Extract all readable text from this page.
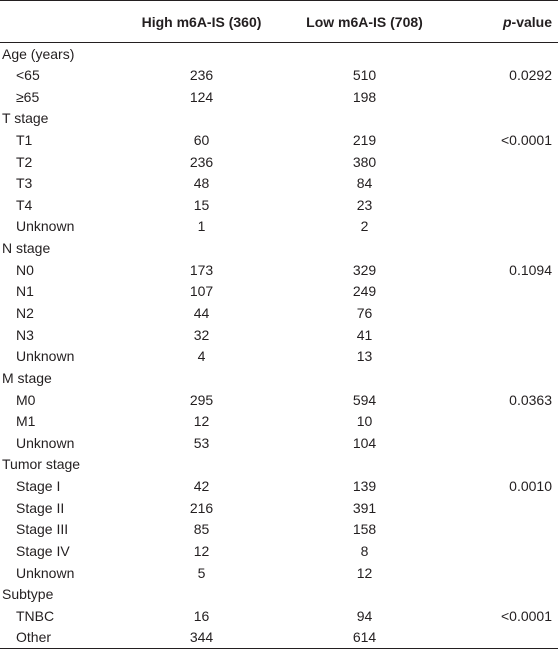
	High m6A-IS (360)	Low m6A-IS (708)	p-value
Age (years)			
<65	236	510	0.0292
≥65	124	198	
T stage			
T1	60	219	<0.0001
T2	236	380	
T3	48	84	
T4	15	23	
Unknown	1	2	
N stage			
N0	173	329	0.1094
N1	107	249	
N2	44	76	
N3	32	41	
Unknown	4	13	
M stage			
M0	295	594	0.0363
M1	12	10	
Unknown	53	104	
Tumor stage			
Stage I	42	139	0.0010
Stage II	216	391	
Stage III	85	158	
Stage IV	12	8	
Unknown	5	12	
Subtype			
TNBC	16	94	<0.0001
Other	344	614	
